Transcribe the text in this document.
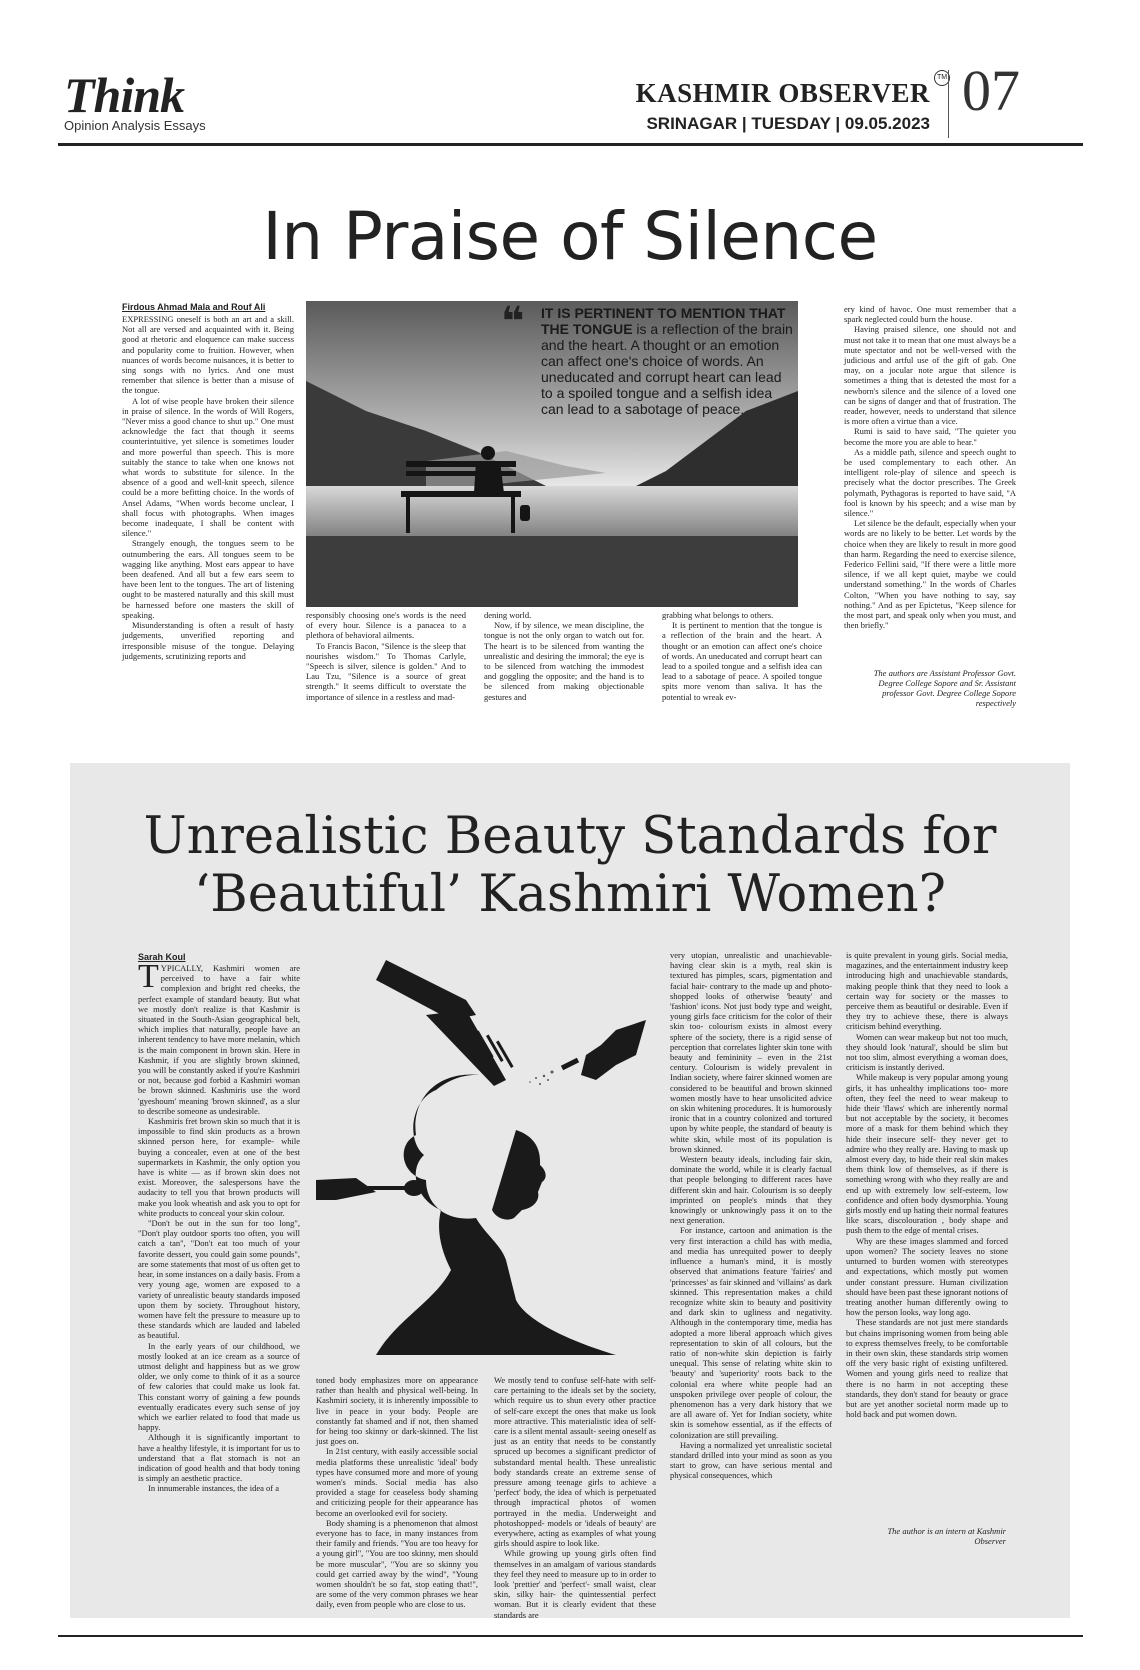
Think
Opinion Analysis Essays
KASHMIR OBSERVER
TM
SRINAGAR | TUESDAY | 09.05.2023
07
In Praise of Silence
Firdous Ahmad Mala and Rouf Ali

EXPRESSING oneself is both an art and a skill. Not all are versed and acquainted with it. Being good at rhetoric and eloquence can make success and popularity come to fruition. However, when nuances of words become nuisances, it is better to sing songs with no lyrics. And one must remember that silence is better than a misuse of the tongue.

A lot of wise people have broken their silence in praise of silence. In the words of Will Rogers, "Never miss a good chance to shut up." One must acknowledge the fact that though it seems counterintuitive, yet silence is sometimes louder and more powerful than speech. This is more suitably the stance to take when one knows not what words to substitute for silence. In the absence of a good and well-knit speech, silence could be a more befitting choice. In the words of Ansel Adams, "When words become unclear, I shall focus with photographs. When images become inadequate, I shall be content with silence."

Strangely enough, the tongues seem to be outnumbering the ears. All tongues seem to be wagging like anything. Most ears appear to have been deafened. And all but a few ears seem to have been lent to the tongues. The art of listening ought to be mastered naturally and this skill must be harnessed before one masters the skill of speaking.

Misunderstanding is often a result of hasty judgements, unverified reporting and irresponsible misuse of the tongue. Delaying judgements, scrutinizing reports and

❝	IT IS PERTINENT TO MENTION THAT THE TONGUE is a reflection of the brain and the heart. A thought or an emotion can affect one's choice of words. An uneducated and corrupt heart can lead to a spoiled tongue and a selfish idea can lead to a sabotage of peace.

responsibly choosing one's words is the need of every hour. Silence is a panacea to a plethora of behavioral ailments.

To Francis Bacon, "Silence is the sleep that nourishes wisdom." To Thomas Carlyle, "Speech is silver, silence is golden." And to Lau Tzu, "Silence is a source of great strength." It seems difficult to overstate the importance of silence in a restless and mad-

dening world.

Now, if by silence, we mean discipline, the tongue is not the only organ to watch out for. The heart is to be silenced from wanting the unrealistic and desiring the immoral; the eye is to be silenced from watching the immodest and goggling the opposite; and the hand is to be silenced from making objectionable gestures and

grabbing what belongs to others.

It is pertinent to mention that the tongue is a reflection of the brain and the heart. A thought or an emotion can affect one's choice of words. An uneducated and corrupt heart can lead to a spoiled tongue and a selfish idea can lead to a sabotage of peace. A spoiled tongue spits more venom than saliva. It has the potential to wreak ev-

ery kind of havoc. One must remember that a spark neglected could burn the house.

Having praised silence, one should not and must not take it to mean that one must always be a mute spectator and not be well-versed with the judicious and artful use of the gift of gab. One may, on a jocular note argue that silence is sometimes a thing that is detested the most for a newborn's silence and the silence of a loved one can be signs of danger and that of frustration. The reader, however, needs to understand that silence is more often a virtue than a vice.

Rumi is said to have said, "The quieter you become the more you are able to hear."

As a middle path, silence and speech ought to be used complementary to each other. An intelligent role-play of silence and speech is precisely what the doctor prescribes. The Greek polymath, Pythagoras is reported to have said, "A fool is known by his speech; and a wise man by silence."

Let silence be the default, especially when your words are no likely to be better. Let words by the choice when they are likely to result in more good than harm. Regarding the need to exercise silence, Federico Fellini said, "If there were a little more silence, if we all kept quiet, maybe we could understand something." In the words of Charles Colton, "When you have nothing to say, say nothing." And as per Epictetus, "Keep silence for the most part, and speak only when you must, and then briefly."

The authors are Assistant Professor Govt. Degree College Sopore and Sr. Assistant professor Govt. Degree College Sopore respectively
Unrealistic Beauty Standards for
‘Beautiful’ Kashmiri Women?
Sarah Koul

TYPICALLY, Kashmiri women are perceived to have a fair white complexion and bright red cheeks, the perfect example of standard beauty. But what we mostly don't realize is that Kashmir is situated in the South-Asian geographical belt, which implies that naturally, people have an inherent tendency to have more melanin, which is the main component in brown skin. Here in Kashmir, if you are slightly brown skinned, you will be constantly asked if you're Kashmiri or not, because god forbid a Kashmiri woman be brown skinned. Kashmiris use the word 'gyeshoum' meaning 'brown skinned', as a slur to describe someone as undesirable.

Kashmiris fret brown skin so much that it is impossible to find skin products as a brown skinned person here, for example- while buying a concealer, even at one of the best supermarkets in Kashmir, the only option you have is white — as if brown skin does not exist. Moreover, the salespersons have the audacity to tell you that brown products will make you look wheatish and ask you to opt for white products to conceal your skin colour.

"Don't be out in the sun for too long", "Don't play outdoor sports too often, you will catch a tan", "Don't eat too much of your favorite dessert, you could gain some pounds", are some statements that most of us often get to hear, in some instances on a daily basis. From a very young age, women are exposed to a variety of unrealistic beauty standards imposed upon them by society. Throughout history, women have felt the pressure to measure up to these standards which are lauded and labeled as beautiful.

In the early years of our childhood, we mostly looked at an ice cream as a source of utmost delight and happiness but as we grow older, we only come to think of it as a source of few calories that could make us look fat. This constant worry of gaining a few pounds eventually eradicates every such sense of joy which we earlier related to food that made us happy.

Although it is significantly important to have a healthy lifestyle, it is important for us to understand that a flat stomach is not an indication of good health and that body toning is simply an aesthetic practice.

In innumerable instances, the idea of a

toned body emphasizes more on appearance rather than health and physical well-being. In Kashmiri society, it is inherently impossible to live in peace in your body. People are constantly fat shamed and if not, then shamed for being too skinny or dark-skinned. The list just goes on.

In 21st century, with easily accessible social media platforms these unrealistic 'ideal' body types have consumed more and more of young women's minds. Social media has also provided a stage for ceaseless body shaming and criticizing people for their appearance has become an overlooked evil for society.

Body shaming is a phenomenon that almost everyone has to face, in many instances from their family and friends. "You are too heavy for a young girl", "You are too skinny, men should be more muscular", "You are so skinny you could get carried away by the wind", "Young women shouldn't be so fat, stop eating that!", are some of the very common phrases we hear daily, even from people who are close to us.

We mostly tend to confuse self-hate with self-care pertaining to the ideals set by the society, which require us to shun every other practice of self-care except the ones that make us look more attractive. This materialistic idea of self-care is a silent mental assault- seeing oneself as just as an entity that needs to be constantly spruced up becomes a significant predictor of substandard mental health. These unrealistic body standards create an extreme sense of pressure among teenage girls to achieve a 'perfect' body, the idea of which is perpetuated through impractical photos of women portrayed in the media. Underweight and photoshopped- models or 'ideals of beauty' are everywhere, acting as examples of what young girls should aspire to look like.

While growing up young girls often find themselves in an amalgam of various standards they feel they need to measure up to in order to look 'prettier' and 'perfect'- small waist, clear skin, silky hair- the quintessential perfect woman. But it is clearly evident that these standards are

very utopian, unrealistic and unachievable- having clear skin is a myth, real skin is textured has pimples, scars, pigmentation and facial hair- contrary to the made up and photo-shopped looks of otherwise 'beauty' and 'fashion' icons. Not just body type and weight, young girls face criticism for the color of their skin too- colourism exists in almost every sphere of the society, there is a rigid sense of perception that correlates lighter skin tone with beauty and femininity – even in the 21st century. Colourism is widely prevalent in Indian society, where fairer skinned women are considered to be beautiful and brown skinned women mostly have to hear unsolicited advice on skin whitening procedures. It is humorously ironic that in a country colonized and tortured upon by white people, the standard of beauty is white skin, while most of its population is brown skinned.

Western beauty ideals, including fair skin, dominate the world, while it is clearly factual that people belonging to different races have different skin and hair. Colourism is so deeply imprinted on people's minds that they knowingly or unknowingly pass it on to the next generation.

For instance, cartoon and animation is the very first interaction a child has with media, and media has unrequited power to deeply influence a human's mind, it is mostly observed that animations feature 'fairies' and 'princesses' as fair skinned and 'villains' as dark skinned. This representation makes a child recognize white skin to beauty and positivity and dark skin to ugliness and negativity. Although in the contemporary time, media has adopted a more liberal approach which gives representation to skin of all colours, but the ratio of non-white skin depiction is fairly unequal. This sense of relating white skin to 'beauty' and 'superiority' roots back to the colonial era where white people had an unspoken privilege over people of colour, the phenomenon has a very dark history that we are all aware of. Yet for Indian society, white skin is somehow essential, as if the effects of colonization are still prevailing.

Having a normalized yet unrealistic societal standard drilled into your mind as soon as you start to grow, can have serious mental and physical consequences, which

is quite prevalent in young girls. Social media, magazines, and the entertainment industry keep introducing high and unachievable standards, making people think that they need to look a certain way for society or the masses to perceive them as beautiful or desirable. Even if they try to achieve these, there is always criticism behind everything.

Women can wear makeup but not too much, they should look 'natural', should be slim but not too slim, almost everything a woman does, criticism is instantly derived.

While makeup is very popular among young girls, it has unhealthy implications too- more often, they feel the need to wear makeup to hide their 'flaws' which are inherently normal but not acceptable by the society, it becomes more of a mask for them behind which they hide their insecure self- they never get to admire who they really are. Having to mask up almost every day, to hide their real skin makes them think low of themselves, as if there is something wrong with who they really are and end up with extremely low self-esteem, low confidence and often body dysmorphia. Young girls mostly end up hating their normal features like scars, discolouration , body shape and push them to the edge of mental crises.

Why are these images slammed and forced upon women? The society leaves no stone unturned to burden women with stereotypes and expectations, which mostly put women under constant pressure. Human civilization should have been past these ignorant notions of treating another human differently owing to how the person looks, way long ago.

These standards are not just mere standards but chains imprisoning women from being able to express themselves freely, to be comfortable in their own skin, these standards strip women off the very basic right of existing unfiltered. Women and young girls need to realize that there is no harm in not accepting these standards, they don't stand for beauty or grace but are yet another societal norm made up to hold back and put women down.

The author is an intern at Kashmir Observer
